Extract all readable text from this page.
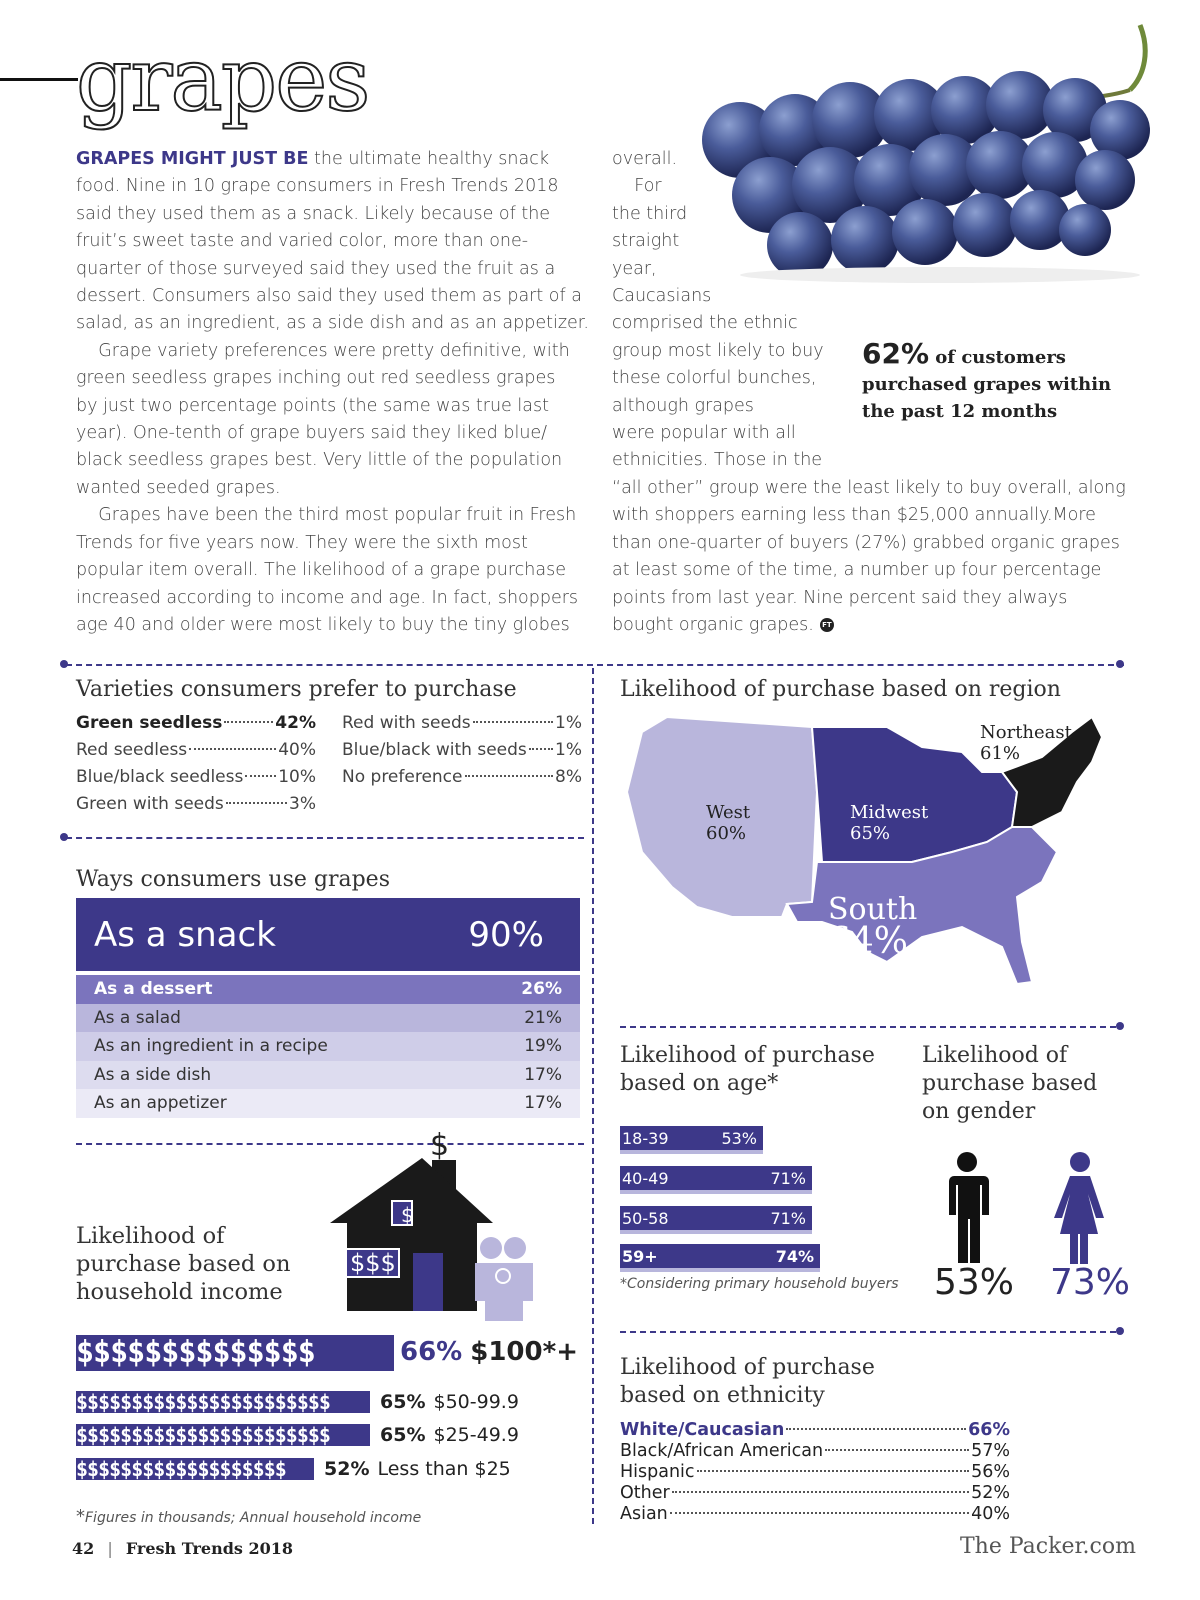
grapes
GRAPES MIGHT JUST BE the ultimate healthy snack
food. Nine in 10 grape consumers in Fresh Trends 2018
said they used them as a snack. Likely because of the
fruit’s sweet taste and varied color, more than one-
quarter of those surveyed said they used the fruit as a
dessert. Consumers also said they used them as part of a
salad, as an ingredient, as a side dish and as an appetizer.
Grape variety preferences were pretty definitive, with
green seedless grapes inching out red seedless grapes
by just two percentage points (the same was true last
year). One-tenth of grape buyers said they liked blue/
black seedless grapes best. Very little of the population
wanted seeded grapes.
Grapes have been the third most popular fruit in Fresh
Trends for five years now. They were the sixth most
popular item overall. The likelihood of a grape purchase
increased according to income and age. In fact, shoppers
age 40 and older were most likely to buy the tiny globes
overall.
For
the third
straight
year,
Caucasians
comprised the ethnic
group most likely to buy
these colorful bunches,
although grapes
were popular with all
ethnicities. Those in the
“all other” group were the least likely to buy overall, along
with shoppers earning less than $25,000 annually.More
than one-quarter of buyers (27%) grabbed organic grapes
at least some of the time, a number up four percentage
points from last year. Nine percent said they always
bought organic grapes. FT
62% of customers
purchased grapes within
the past 12 months
Varieties consumers prefer to purchase
Green seedless	42%
Red seedless	40%
Blue/black seedless 10%
Green with seeds	3%
Red with seeds	1%
Blue/black with seeds 1%
No preference	8%
Ways consumers use grapes
As a snack	90%
As a dessert	26%
As a salad	21%
As an ingredient in a recipe	19%
As a side dish	17%
As an appetizer	17%
Likelihood of
purchase based on
household income
$
$
$$$
$$$$$$$$$$$$$$	66% $100*+
$$$$$$$$$$$$$$$$$$$$$$$	65% $50-99.9
$$$$$$$$$$$$$$$$$$$$$$$	65% $25-49.9
$$$$$$$$$$$$$$$$$$$	52% Less than $25
*Figures in thousands; Annual household income
Likelihood of purchase based on region
Northeast
61%
West
60%
Midwest
65%
South
64%
Likelihood of purchase
based on age*
18-39	53%
40-49	71%
50-58	71%
59+	74%
*Considering primary household buyers
Likelihood of
purchase based
on gender
53% 73%
Likelihood of purchase
based on ethnicity
White/Caucasian	66%
Black/African American	57%
Hispanic	56%
Other	52%
Asian	40%
42 | Fresh Trends 2018	The Packer.com
